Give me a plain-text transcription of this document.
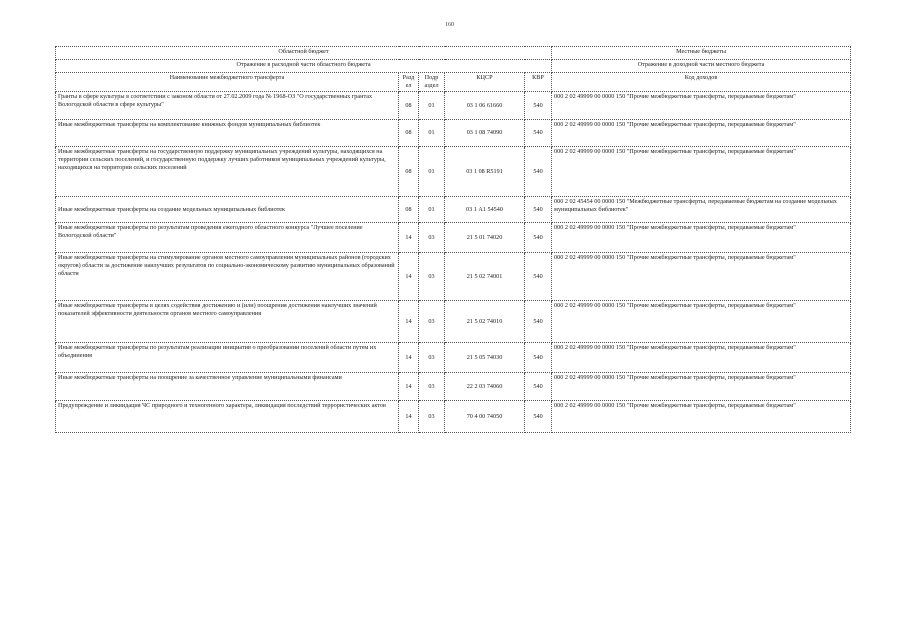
160
Областной бюджет					Местные бюджеты
Отражение в расходной части областного бюджета					Отражение в доходной части местного бюджета
Наименование межбюджетного трансферта	Разд ел	Подр аздел	КЦСР	КВР	Код доходов
Гранты в сфере культуры в соответствии с законом области от 27.02.2009 года № 1968-ОЗ "О государственных грантах Вологодской области в сфере культуры"	08	01	03 1 06 61660	540	000 2 02 49999 00 0000 150 "Прочие межбюджетные трансферты, передаваемые бюджетам"
Иные межбюджетные трансферты на комплектование книжных фондов муниципальных библиотек	08	01	03 1 08 74090	540	000 2 02 49999 00 0000 150 "Прочие межбюджетные трансферты, передаваемые бюджетам"
Иные межбюджетные трансферты на государственную поддержку муниципальных учреждений культуры, находящихся на территории сельских поселений, и государственную поддержку лучших работников муниципальных учреждений культуры, находящихся на территории сельских поселений	08	01	03 1 08 R5191	540	000 2 02 49999 00 0000 150 "Прочие межбюджетные трансферты, передаваемые бюджетам"
Иные межбюджетные трансферты на создание модельных муниципальных библиотек	08	01	03 1 А1 54540	540	000 2 02 45454 00 0000 150 "Межбюджетные трансферты, передаваемые бюджетам на создание модельных муниципальных библиотек"
Иные межбюджетные трансферты по результатам проведения ежегодного областного конкурса "Лучшее поселение Вологодской области"	14	03	21 5 01 74020	540	000 2 02 49999 00 0000 150 "Прочие межбюджетные трансферты, передаваемые бюджетам"
Иные межбюджетные трансферты на стимулирование органов местного самоуправления муниципальных районов (городских округов) области за достижение наилучших результатов по социально-экономическому развитию муниципальных образований области	14	03	21 5 02 74001	540	000 2 02 49999 00 0000 150 "Прочие межбюджетные трансферты, передаваемые бюджетам"
Иные межбюджетные трансферты в целях содействия достижению и (или) поощрения достижения наилучших значений показателей эффективности деятельности органов местного самоуправления	14	03	21 5 02 74010	540	000 2 02 49999 00 0000 150 "Прочие межбюджетные трансферты, передаваемые бюджетам"
Иные межбюджетные трансферты по результатам реализации инициатив о преобразовании поселений области путем их объединения	14	03	21 5 05 74030	540	000 2 02 49999 00 0000 150 "Прочие межбюджетные трансферты, передаваемые бюджетам"
Иные межбюджетные трансферты на поощрение за качественное управление муниципальными финансами	14	03	22 2 03 74060	540	000 2 02 49999 00 0000 150 "Прочие межбюджетные трансферты, передаваемые бюджетам"
Предупреждение и ликвидация ЧС природного и техногенного характера, ликвидация последствий террористических актов	14	03	70 4 00 74050	540	000 2 02 49999 00 0000 150 "Прочие межбюджетные трансферты, передаваемые бюджетам"
